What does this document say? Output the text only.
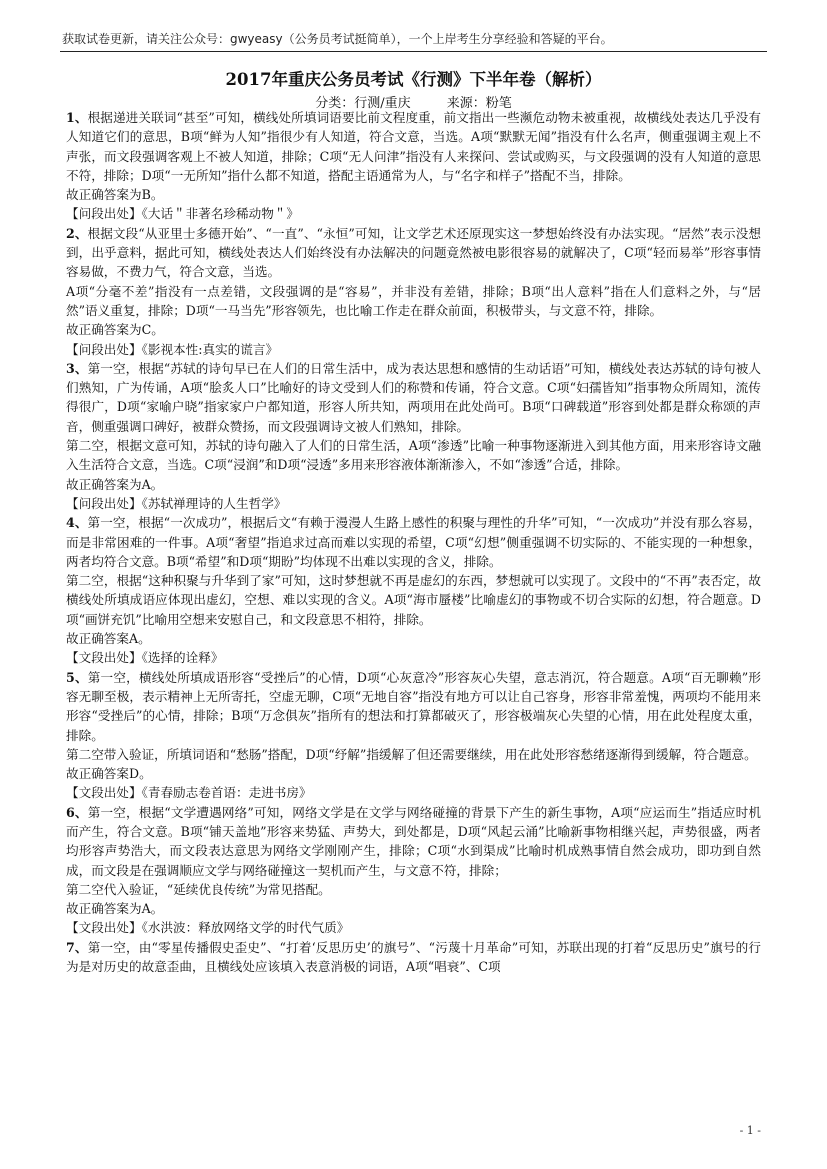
获取试卷更新，请关注公众号：gwyeasy（公务员考试挺简单），一个上岸考生分享经验和答疑的平台。
2017年重庆公务员考试《行测》下半年卷（解析）
分类：行测/重庆	来源：粉笔

1、根据递进关联词“甚至”可知，横线处所填词语要比前文程度重，前文指出一些濒危动物未被重视，故横线处表达几乎没有人知道它们的意思，B项“鲜为人知”指很少有人知道，符合文意，当选。A项“默默无闻”指没有什么名声，侧重强调主观上不声张，而文段强调客观上不被人知道，排除；C项“无人问津”指没有人来探问、尝试或购买，与文段强调的没有人知道的意思不符，排除；D项“一无所知”指什么都不知道，搭配主语通常为人，与“名字和样子”搭配不当，排除。

故正确答案为B。

【问段出处】《大话＂非著名珍稀动物＂》

2、根据文段“从亚里士多德开始”、“一直”、“永恒”可知，让文学艺术还原现实这一梦想始终没有办法实现。“居然”表示没想到，出乎意料，据此可知，横线处表达人们始终没有办法解决的问题竟然被电影很容易的就解决了，C项“轻而易举”形容事情容易做，不费力气，符合文意，当选。

A项“分毫不差”指没有一点差错，文段强调的是“容易”，并非没有差错，排除；B项“出人意料”指在人们意料之外，与“居然”语义重复，排除；D项“一马当先”形容领先，也比喻工作走在群众前面，积极带头，与文意不符，排除。

故正确答案为C。

【问段出处】《影视本性:真实的谎言》

3、第一空，根据“苏轼的诗句早已在人们的日常生活中，成为表达思想和感情的生动话语”可知，横线处表达苏轼的诗句被人们熟知，广为传诵，A项“脍炙人口”比喻好的诗文受到人们的称赞和传诵，符合文意。C项“妇孺皆知”指事物众所周知，流传得很广，D项“家喻户晓”指家家户户都知道，形容人所共知，两项用在此处尚可。B项“口碑载道”形容到处都是群众称颂的声音，侧重强调口碑好，被群众赞扬，而文段强调诗文被人们熟知，排除。

第二空，根据文意可知，苏轼的诗句融入了人们的日常生活，A项“渗透”比喻一种事物逐渐进入到其他方面，用来形容诗文融入生活符合文意，当选。C项“浸润”和D项“浸透”多用来形容液体渐渐渗入，不如“渗透”合适，排除。

故正确答案为A。

【问段出处】《苏轼禅理诗的人生哲学》

4、第一空，根据“一次成功”，根据后文“有赖于漫漫人生路上感性的积聚与理性的升华”可知，“一次成功”并没有那么容易，而是非常困难的一件事。A项“奢望”指追求过高而难以实现的希望，C项“幻想”侧重强调不切实际的、不能实现的一种想象，两者均符合文意。B项“希望”和D项“期盼”均体现不出难以实现的含义，排除。

第二空，根据“这种积聚与升华到了家”可知，这时梦想就不再是虚幻的东西，梦想就可以实现了。文段中的“不再”表否定，故横线处所填成语应体现出虚幻，空想、难以实现的含义。A项“海市蜃楼”比喻虚幻的事物或不切合实际的幻想，符合题意。D项“画饼充饥”比喻用空想来安慰自己，和文段意思不相符，排除。

故正确答案A。

【文段出处】《选择的诠释》

5、第一空，横线处所填成语形容“受挫后”的心情，D项“心灰意冷”形容灰心失望，意志消沉，符合题意。A项“百无聊赖”形容无聊至极，表示精神上无所寄托，空虚无聊，C项“无地自容”指没有地方可以让自己容身，形容非常羞愧，两项均不能用来形容“受挫后”的心情，排除；B项“万念俱灰”指所有的想法和打算都破灭了，形容极端灰心失望的心情，用在此处程度太重，排除。

第二空带入验证，所填词语和“愁肠”搭配，D项“纾解”指缓解了但还需要继续，用在此处形容愁绪逐渐得到缓解，符合题意。

故正确答案D。

【文段出处】《青春励志卷首语：走进书房》

6、第一空，根据“文学遭遇网络”可知，网络文学是在文学与网络碰撞的背景下产生的新生事物，A项“应运而生”指适应时机而产生，符合文意。B项“铺天盖地”形容来势猛、声势大，到处都是，D项“风起云涌”比喻新事物相继兴起，声势很盛，两者均形容声势浩大，而文段表达意思为网络文学刚刚产生，排除；C项“水到渠成”比喻时机成熟事情自然会成功，即功到自然成，而文段是在强调顺应文学与网络碰撞这一契机而产生，与文意不符，排除；

第二空代入验证，“延续优良传统”为常见搭配。

故正确答案为A。

【文段出处】《水洪波：释放网络文学的时代气质》

7、第一空，由“零星传播假史歪史”、“打着‘反思历史’的旗号”、“污蔑十月革命”可知，苏联出现的打着“反思历史”旗号的行为是对历史的故意歪曲，且横线处应该填入表意消极的词语，A项“唱衰”、C项

- 1 -
